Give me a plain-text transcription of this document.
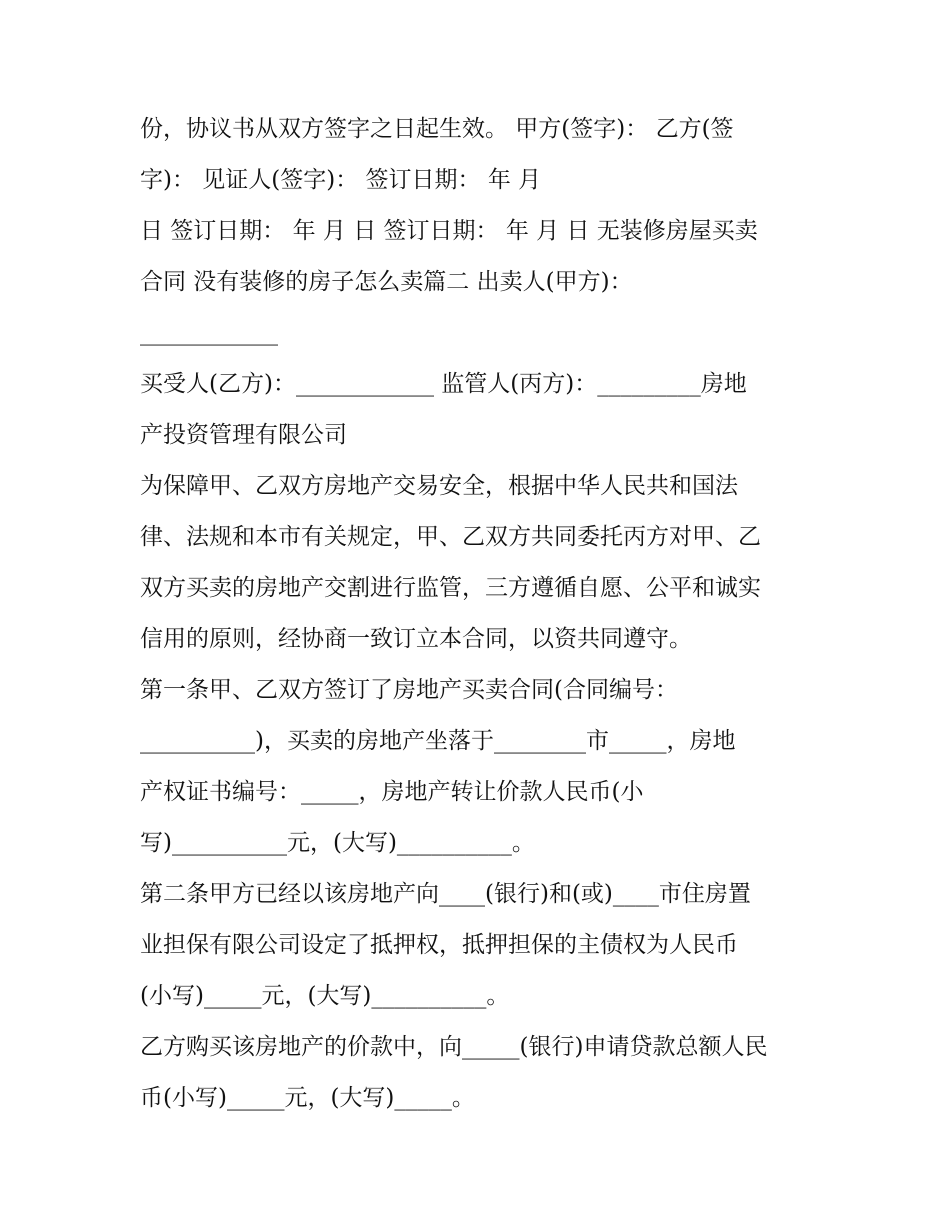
份，协议书从双方签字之日起生效。 甲方(签字)： 乙方(签
字)： 见证人(签字)： 签订日期： 年 月
日 签订日期： 年 月 日 签订日期： 年 月 日 无装修房屋买卖
合同 没有装修的房子怎么卖篇二 出卖人(甲方)：
____________
买受人(乙方)：____________ 监管人(丙方)：_________房地
产投资管理有限公司
为保障甲、乙双方房地产交易安全，根据中华人民共和国法
律、法规和本市有关规定，甲、乙双方共同委托丙方对甲、乙
双方买卖的房地产交割进行监管，三方遵循自愿、公平和诚实
信用的原则，经协商一致订立本合同，以资共同遵守。
第一条甲、乙双方签订了房地产买卖合同(合同编号：
__________)，买卖的房地产坐落于________市_____，房地
产权证书编号：_____，房地产转让价款人民币(小
写)__________元，(大写)__________。
第二条甲方已经以该房地产向____(银行)和(或)____市住房置
业担保有限公司设定了抵押权，抵押担保的主债权为人民币
(小写)_____元，(大写)__________。
乙方购买该房地产的价款中，向_____(银行)申请贷款总额人民
币(小写)_____元，(大写)_____。
